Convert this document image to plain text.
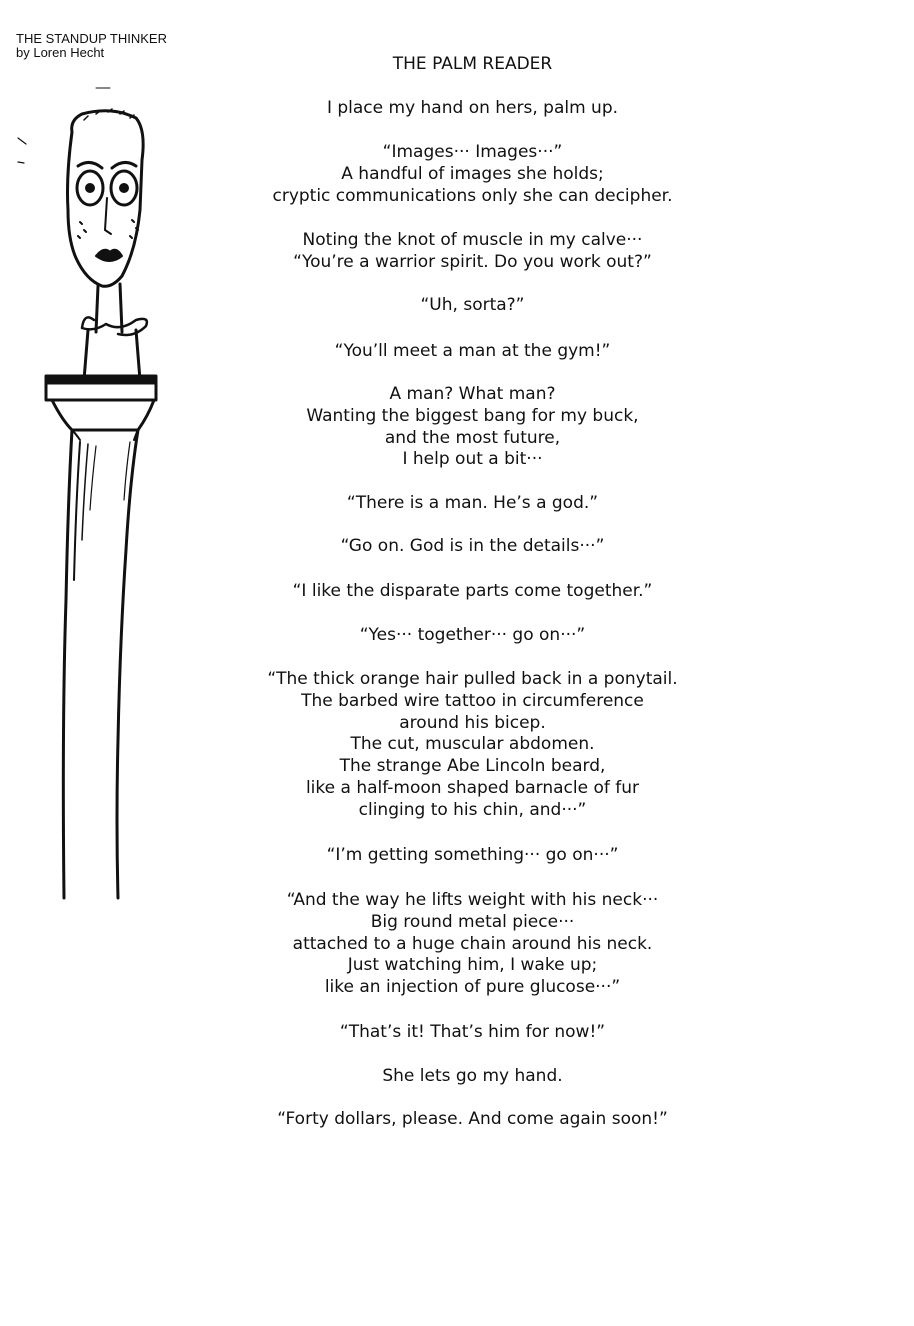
THE STANDUP THINKER
by Loren Hecht
THE PALM READER
I place my hand on hers, palm up.
“Images··· Images···”
A handful of images she holds;
cryptic communications only she can decipher.
Noting the knot of muscle in my calve···
“You’re a warrior spirit. Do you work out?”
“Uh, sorta?”
“You’ll meet a man at the gym!”
A man? What man?
Wanting the biggest bang for my buck,
and the most future,
I help out a bit···
“There is a man. He’s a god.”
“Go on. God is in the details···”
“I like the disparate parts come together.”
“Yes··· together··· go on···”
“The thick orange hair pulled back in a ponytail.
The barbed wire tattoo in circumference
around his bicep.
The cut, muscular abdomen.
The strange Abe Lincoln beard,
like a half-moon shaped barnacle of fur
clinging to his chin, and···”
“I’m getting something··· go on···”
“And the way he lifts weight with his neck···
Big round metal piece···
attached to a huge chain around his neck.
Just watching him, I wake up;
like an injection of pure glucose···”
“That’s it! That’s him for now!”
She lets go my hand.
“Forty dollars, please. And come again soon!”
